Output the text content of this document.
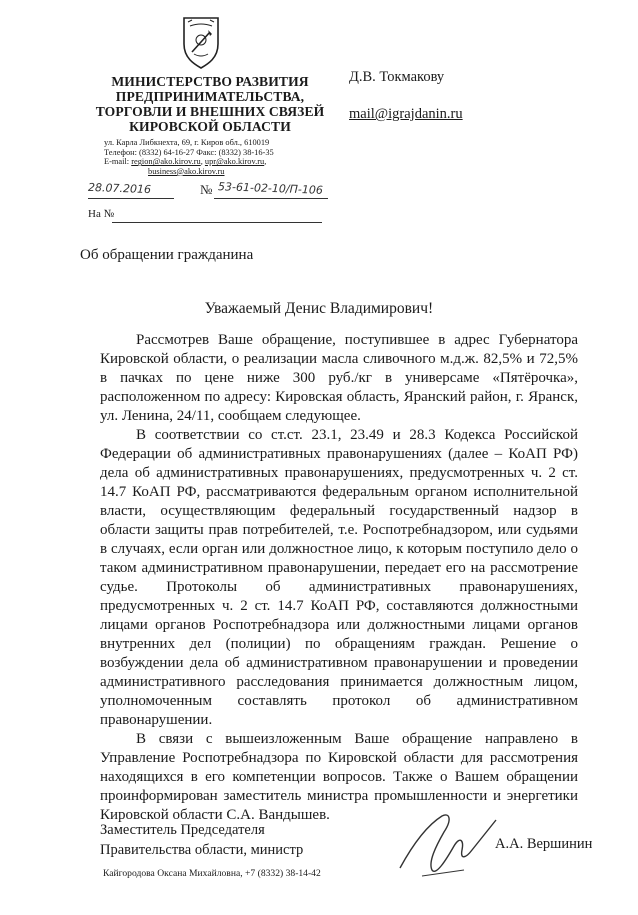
МИНИСТЕРСТВО РАЗВИТИЯ
ПРЕДПРИНИМАТЕЛЬСТВА,
ТОРГОВЛИ И ВНЕШНИХ СВЯЗЕЙ
КИРОВСКОЙ ОБЛАСТИ
ул. Карла Либкнехта, 69, г. Киров обл., 610019
Телефон: (8332) 64-16-27 Факс: (8332) 38-16-35
E-mail: region@ako.kirov.ru, upr@ako.kirov.ru,
business@ako.kirov.ru
28.07.2016	№ 53-61-02-10/П-106
На №
Д.В. Токмакову
mail@igrajdanin.ru
Об обращении гражданина
Уважаемый Денис Владимирович!

Рассмотрев Ваше обращение, поступившее в адрес Губернатора Кировской области, о реализации масла сливочного м.д.ж. 82,5% и 72,5% в пачках по цене ниже 300 руб./кг в универсаме «Пятёрочка», расположенном по адресу: Кировская область, Яранский район, г. Яранск, ул. Ленина, 24/11, сообщаем следующее.

В соответствии со ст.ст. 23.1, 23.49 и 28.3 Кодекса Российской Федерации об административных правонарушениях (далее – КоАП РФ) дела об административных правонарушениях, предусмотренных ч. 2 ст. 14.7 КоАП РФ, рассматриваются федеральным органом исполнительной власти, осуществляющим федеральный государственный надзор в области защиты прав потребителей, т.е. Роспотребнадзором, или судьями в случаях, если орган или должностное лицо, к которым поступило дело о таком административном правонарушении, передает его на рассмотрение судье. Протоколы об административных правонарушениях, предусмотренных ч. 2 ст. 14.7 КоАП РФ, составляются должностными лицами органов Роспотребнадзора или должностными лицами органов внутренних дел (полиции) по обращениям граждан. Решение о возбуждении дела об административном правонарушении и проведении административного расследования принимается должностным лицом, уполномоченным составлять протокол об административном правонарушении.

В связи с вышеизложенным Ваше обращение направлено в Управление Роспотребнадзора по Кировской области для рассмотрения находящихся в его компетенции вопросов. Также о Вашем обращении проинформирован заместитель министра промышленности и энергетики Кировской области С.А. Вандышев.

Заместитель Председателя
Правительства области, министр	А.А. Вершинин
Кайгородова Оксана Михайловна, +7 (8332) 38-14-42
